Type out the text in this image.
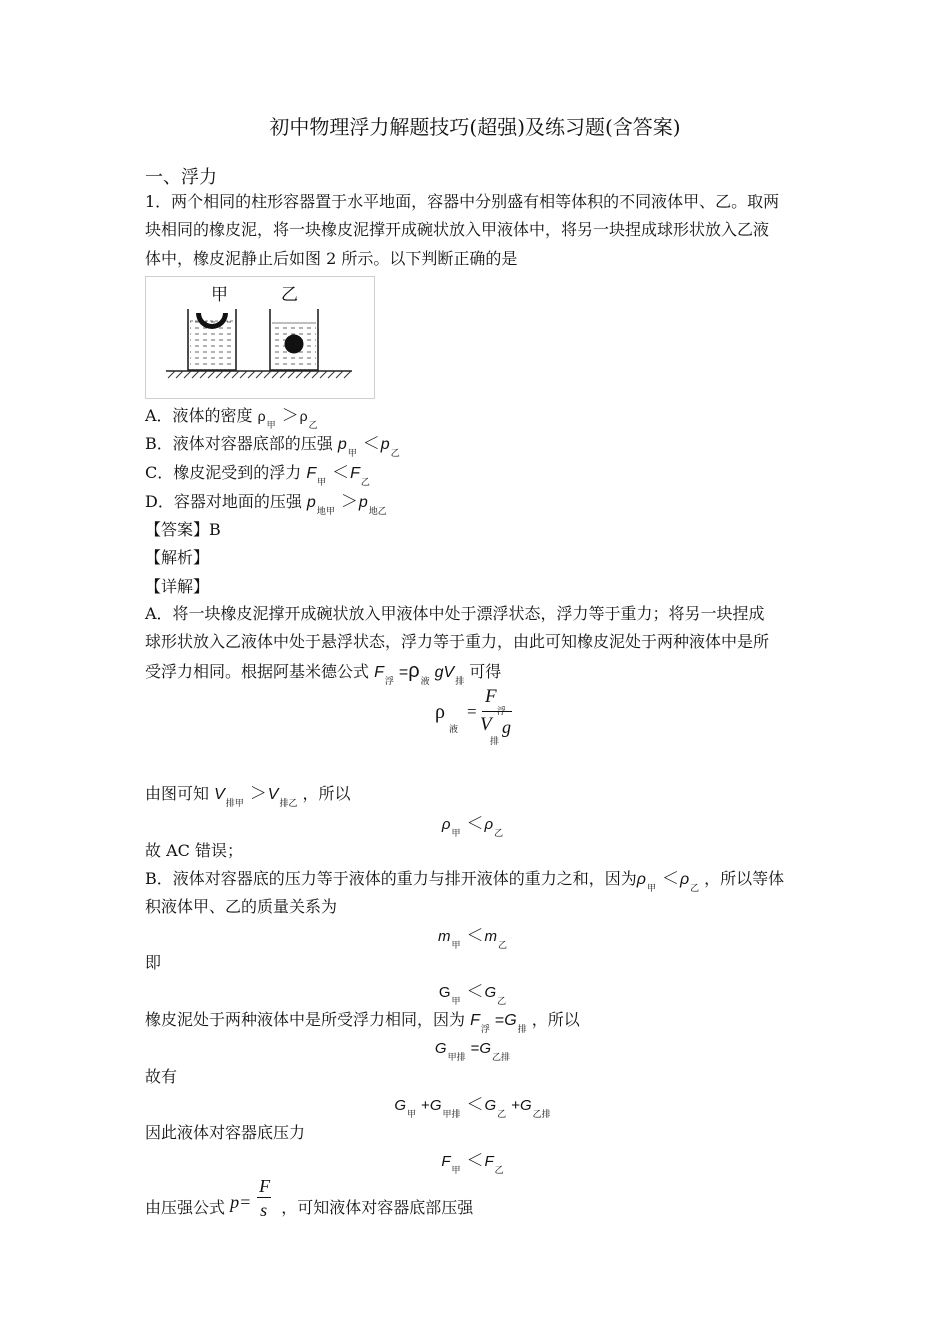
初中物理浮力解题技巧(超强)及练习题(含答案)
一、浮力
1．两个相同的柱形容器置于水平地面，容器中分别盛有相等体积的不同液体甲、乙。取两
块相同的橡皮泥，将一块橡皮泥撑开成碗状放入甲液体中，将另一块捏成球形状放入乙液
体中，橡皮泥静止后如图 2 所示。以下判断正确的是
甲	乙
A．液体的密度 $\rho_甲 >\rho_乙$
B．液体对容器底部的压强 $p_甲 <p_乙$
C．橡皮泥受到的浮力 $F_甲 <F_乙$
D．容器对地面的压强 $p_{地甲} >p_{地乙}$
【答案】B
【解析】
【详解】
A．将一块橡皮泥撑开成碗状放入甲液体中处于漂浮状态，浮力等于重力；将另一块捏成
球形状放入乙液体中处于悬浮状态，浮力等于重力，由此可知橡皮泥处于两种液体中是所
受浮力相同。根据阿基米德公式 $F_浮=\rho_液gV_排$可得
ρ
液
=
F
浮
V
排
g
由图可知 $V_{排甲} >V_{排乙}$，所以
$\rho_甲 <\rho_乙$
故 AC 错误；
B．液体对容器底的压力等于液体的重力与排开液体的重力之和，因为$\rho_甲 <\rho_乙$，所以等体
积液体甲、乙的质量关系为
$m_甲 <m_乙$
即
$G_甲 <G_乙$
橡皮泥处于两种液体中是所受浮力相同，因为 $F_浮=G_排$，所以
$G_{甲排}=G_{乙排}$
故有
$G_甲+G_{甲排} <G_乙+G_{乙排}$
因此液体对容器底压力
$F_甲 <F_乙$
由压强公式 p=
F
s ，可知液体对容器底部压强
